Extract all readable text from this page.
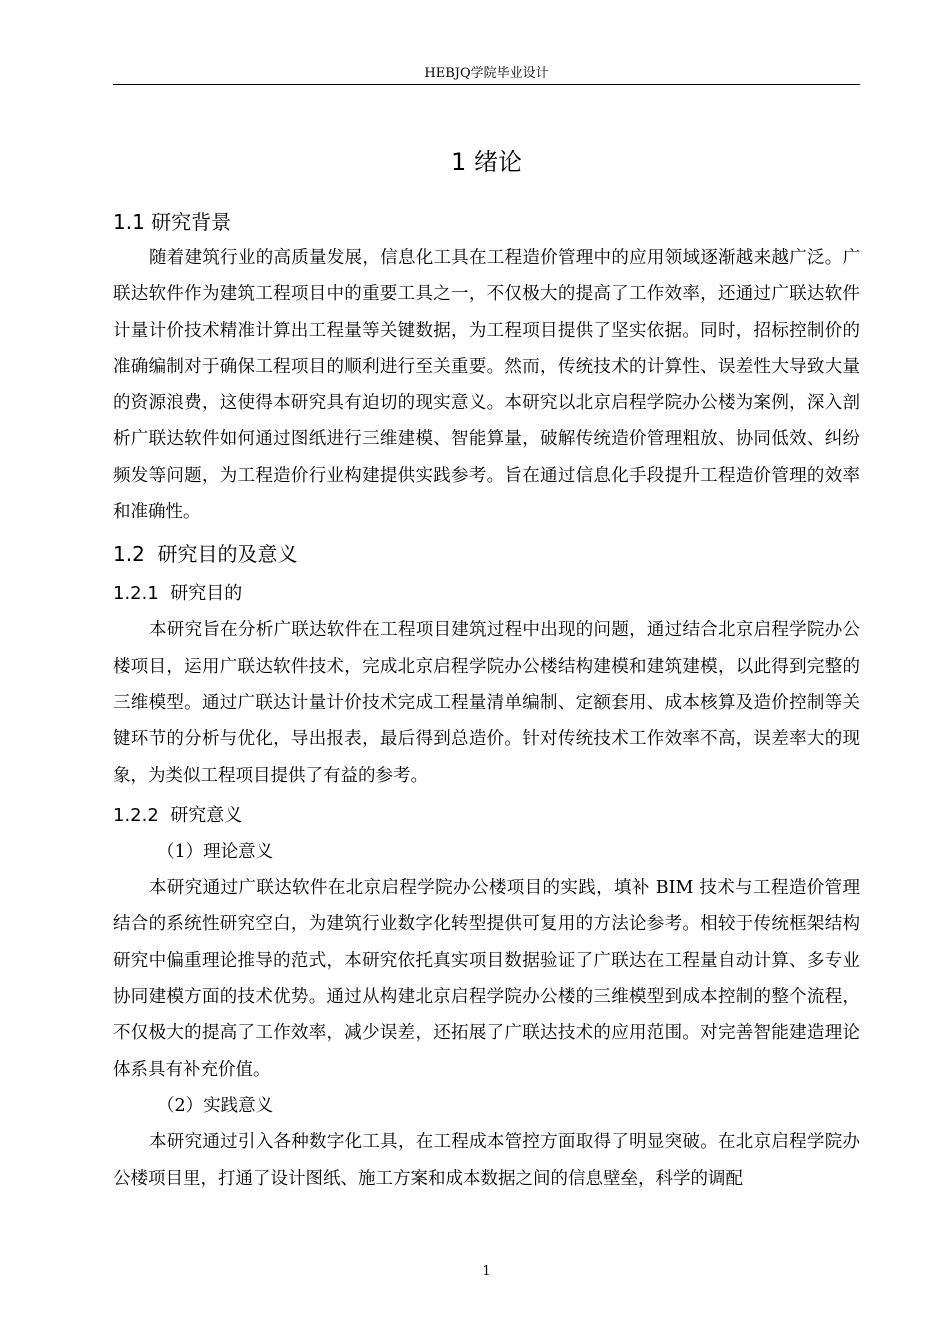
HEBJQ学院毕业设计
1 绪论
1.1 研究背景

随着建筑行业的高质量发展，信息化工具在工程造价管理中的应用领域逐渐越来越广泛。广联达软件作为建筑工程项目中的重要工具之一，不仅极大的提高了工作效率，还通过广联达软件计量计价技术精准计算出工程量等关键数据，为工程项目提供了坚实依据。同时，招标控制价的准确编制对于确保工程项目的顺利进行至关重要。然而，传统技术的计算性、误差性大导致大量的资源浪费，这使得本研究具有迫切的现实意义。本研究以北京启程学院办公楼为案例，深入剖析广联达软件如何通过图纸进行三维建模、智能算量，破解传统造价管理粗放、协同低效、纠纷频发等问题，为工程造价行业构建提供实践参考。旨在通过信息化手段提升工程造价管理的效率和准确性。

1.2  研究目的及意义
1.2.1  研究目的

本研究旨在分析广联达软件在工程项目建筑过程中出现的问题，通过结合北京启程学院办公楼项目，运用广联达软件技术，完成北京启程学院办公楼结构建模和建筑建模，以此得到完整的三维模型。通过广联达计量计价技术完成工程量清单编制、定额套用、成本核算及造价控制等关键环节的分析与优化，导出报表，最后得到总造价。针对传统技术工作效率不高，误差率大的现象，为类似工程项目提供了有益的参考。

1.2.2  研究意义

（1）理论意义

本研究通过广联达软件在北京启程学院办公楼项目的实践，填补 BIM 技术与工程造价管理结合的系统性研究空白，为建筑行业数字化转型提供可复用的方法论参考。相较于传统框架结构研究中偏重理论推导的范式，本研究依托真实项目数据验证了广联达在工程量自动计算、多专业协同建模方面的技术优势。通过从构建北京启程学院办公楼的三维模型到成本控制的整个流程，不仅极大的提高了工作效率，减少误差，还拓展了广联达技术的应用范围。对完善智能建造理论体系具有补充价值。

（2）实践意义

本研究通过引入各种数字化工具，在工程成本管控方面取得了明显突破。在北京启程学院办公楼项目里，打通了设计图纸、施工方案和成本数据之间的信息壁垒，科学的调配

1
